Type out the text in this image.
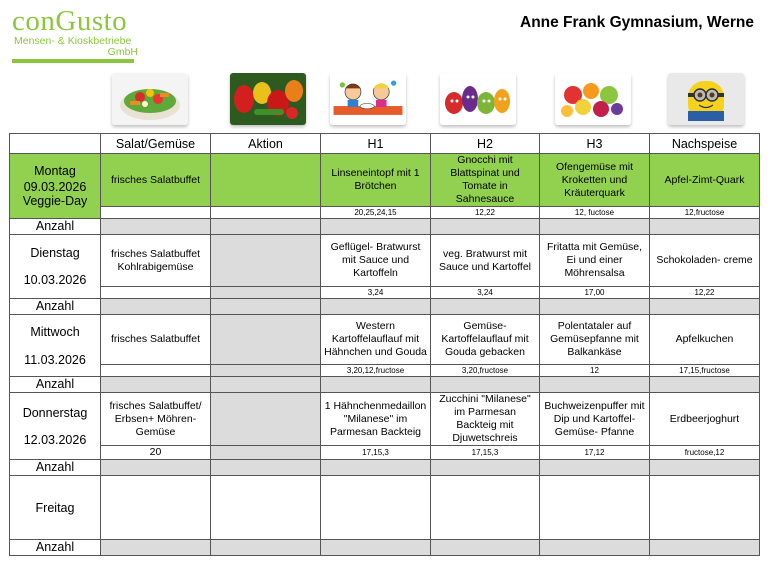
conGusto
Mensen- & Kioskbetriebe
GmbH
Anne Frank Gymnasium, Werne
	Salat/Gemüse	Aktion	H1	H2	H3	Nachspeise
Montag
09.03.2026
Veggie-Day	frisches Salatbuffet		Linseneintopf mit 1 Brötchen	Gnocchi mit Blattspinat und Tomate in Sahnesauce	Ofengemüse mit Kroketten und Kräuterquark	Apfel-Zimt-Quark
			20,25,24,15	12,22	12, fuctose	12,fructose
Anzahl						
Dienstag
10.03.2026	frisches Salatbuffet Kohlrabigemüse		Geflügel- Bratwurst mit Sauce und Kartoffeln	veg. Bratwurst mit Sauce und Kartoffel	Fritatta mit Gemüse, Ei und einer Möhrensalsa	Schokoladen- creme
			3,24	3,24	17,00	12,22
Anzahl						
Mittwoch
11.03.2026	frisches Salatbuffet		Western Kartoffelauflauf mit Hähnchen und Gouda	Gemüse- Kartoffelauflauf mit Gouda gebacken	Polentataler auf Gemüsepfanne mit Balkankäse	Apfelkuchen
			3,20,12,fructose	3,20,fructose	12	17,15,fructose
Anzahl						
Donnerstag
12.03.2026	frisches Salatbuffet/ Erbsen+ Möhren- Gemüse		1 Hähnchenmedaillon "Milanese" im Parmesan Backteig	Zucchini "Milanese" im Parmesan Backteig mit Djuwetschreis	Buchweizenpuffer mit Dip und Kartoffel- Gemüse- Pfanne	Erdbeerjoghurt
	20		17,15,3	17,15,3	17,12	fructose,12
Anzahl						
Freitag						
Anzahl						
